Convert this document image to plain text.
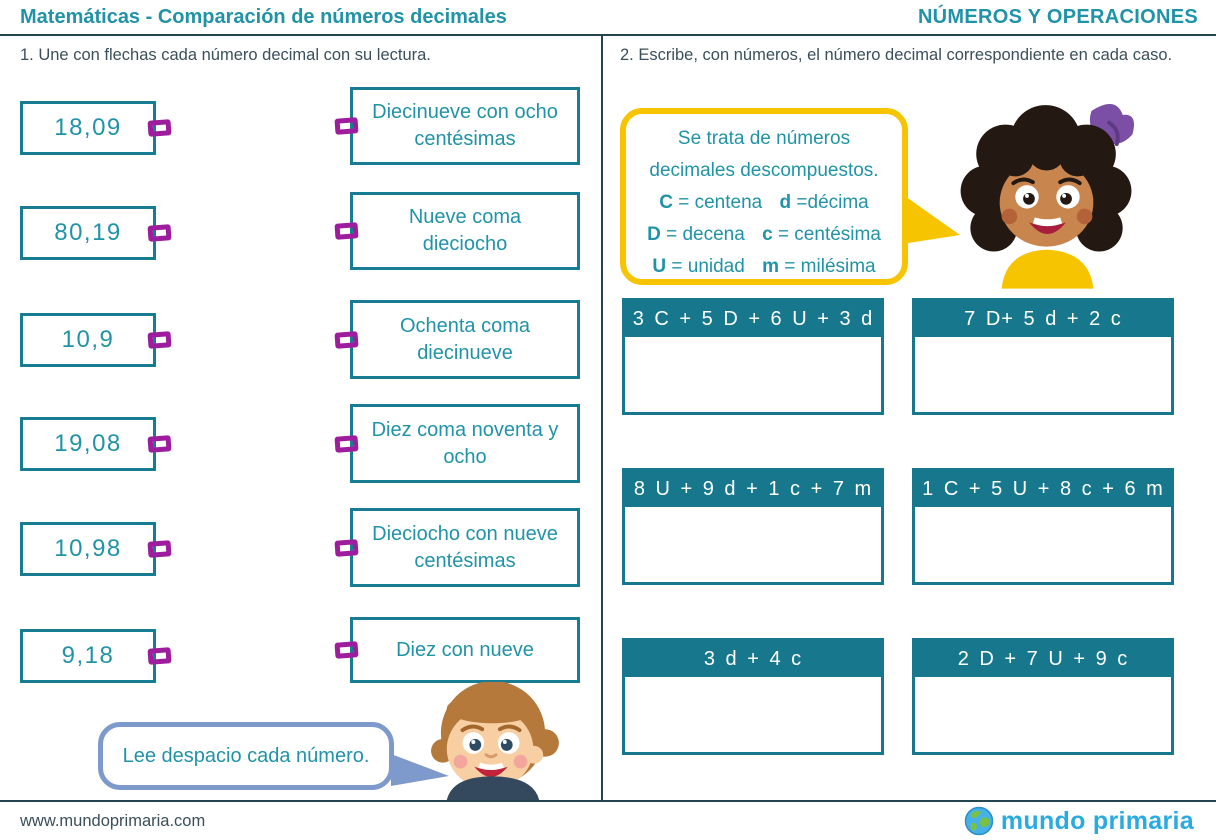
Matemáticas - Comparación de números decimales	NÚMEROS Y OPERACIONES
1. Une con flechas cada número decimal con su lectura.
18,09
80,19
10,9
19,08
10,98
9,18
Diecinueve con ocho centésimas
Nueve coma dieciocho
Ochenta coma diecinueve
Diez coma noventa y ocho
Dieciocho con nueve centésimas
Diez con nueve
Lee despacio cada número.
2. Escribe, con números, el número decimal correspondiente en cada caso.
Se trata de números
decimales descompuestos.
C = centena d =décima
D = decena c = centésima
U = unidad m = milésima
3 C + 5 D + 6 U + 3 d	7 D+ 5 d + 2 c
8 U + 9 d + 1 c + 7 m	1 C + 5 U + 8 c + 6 m
3 d + 4 c	2 D + 7 U + 9 c
www.mundoprimaria.com	mundo primaria
